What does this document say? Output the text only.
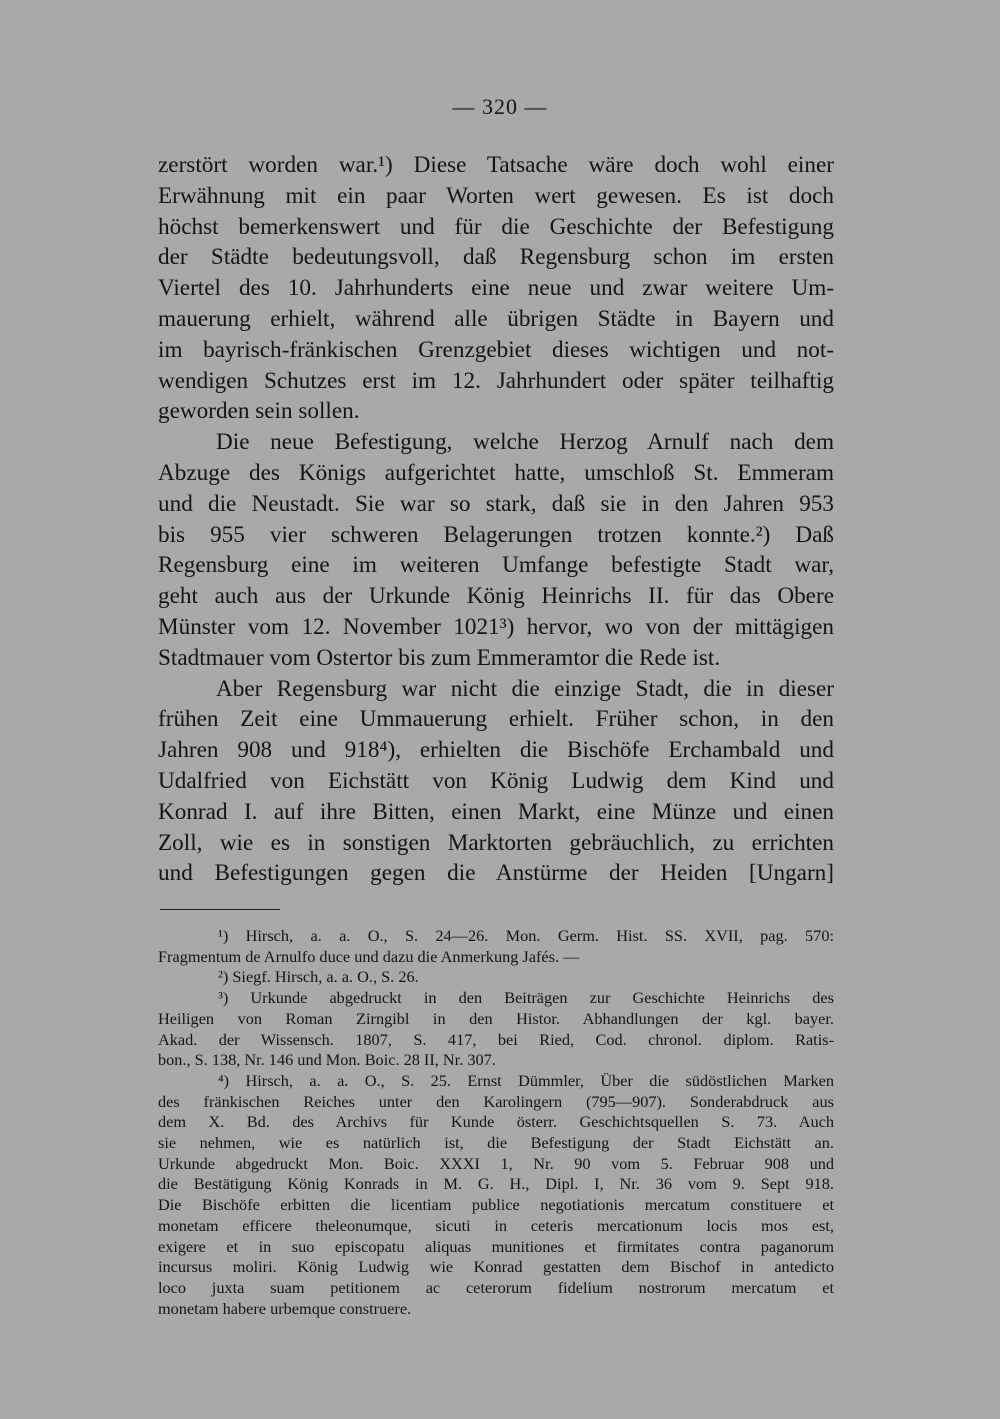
— 320 —
zerstört worden war.¹) Diese Tatsache wäre doch wohl einer
Erwähnung mit ein paar Worten wert gewesen. Es ist doch
höchst bemerkenswert und für die Geschichte der Befestigung
der Städte bedeutungsvoll, daß Regensburg schon im ersten
Viertel des 10. Jahrhunderts eine neue und zwar weitere Um-
mauerung erhielt, während alle übrigen Städte in Bayern und
im bayrisch-fränkischen Grenzgebiet dieses wichtigen und not-
wendigen Schutzes erst im 12. Jahrhundert oder später teilhaftig
geworden sein sollen.
Die neue Befestigung, welche Herzog Arnulf nach dem
Abzuge des Königs aufgerichtet hatte, umschloß St. Emmeram
und die Neustadt. Sie war so stark, daß sie in den Jahren 953
bis 955 vier schweren Belagerungen trotzen konnte.²) Daß
Regensburg eine im weiteren Umfange befestigte Stadt war,
geht auch aus der Urkunde König Heinrichs II. für das Obere
Münster vom 12. November 1021³) hervor, wo von der mittägigen
Stadtmauer vom Ostertor bis zum Emmeramtor die Rede ist.
Aber Regensburg war nicht die einzige Stadt, die in dieser
frühen Zeit eine Ummauerung erhielt. Früher schon, in den
Jahren 908 und 918⁴), erhielten die Bischöfe Erchambald und
Udalfried von Eichstätt von König Ludwig dem Kind und
Konrad I. auf ihre Bitten, einen Markt, eine Münze und einen
Zoll, wie es in sonstigen Marktorten gebräuchlich, zu errichten
und Befestigungen gegen die Anstürme der Heiden [Ungarn]
¹) Hirsch, a. a. O., S. 24—26. Mon. Germ. Hist. SS. XVII, pag. 570:
Fragmentum de Arnulfo duce und dazu die Anmerkung Jafés. —
²) Siegf. Hirsch, a. a. O., S. 26.
³) Urkunde abgedruckt in den Beiträgen zur Geschichte Heinrichs des
Heiligen von Roman Zirngibl in den Histor. Abhandlungen der kgl. bayer.
Akad. der Wissensch. 1807, S. 417, bei Ried, Cod. chronol. diplom. Ratis-
bon., S. 138, Nr. 146 und Mon. Boic. 28 II, Nr. 307.
⁴) Hirsch, a. a. O., S. 25. Ernst Dümmler, Über die südöstlichen Marken
des fränkischen Reiches unter den Karolingern (795—907). Sonderabdruck aus
dem X. Bd. des Archivs für Kunde österr. Geschichtsquellen S. 73. Auch
sie nehmen, wie es natürlich ist, die Befestigung der Stadt Eichstätt an.
Urkunde abgedruckt Mon. Boic. XXXI 1, Nr. 90 vom 5. Februar 908 und
die Bestätigung König Konrads in M. G. H., Dipl. I, Nr. 36 vom 9. Sept 918.
Die Bischöfe erbitten die licentiam publice negotiationis mercatum constituere et
monetam efficere theleonumque, sicuti in ceteris mercationum locis mos est,
exigere et in suo episcopatu aliquas munitiones et firmitates contra paganorum
incursus moliri. König Ludwig wie Konrad gestatten dem Bischof in antedicto
loco juxta suam petitionem ac ceterorum fidelium nostrorum mercatum et
monetam habere urbemque construere.
